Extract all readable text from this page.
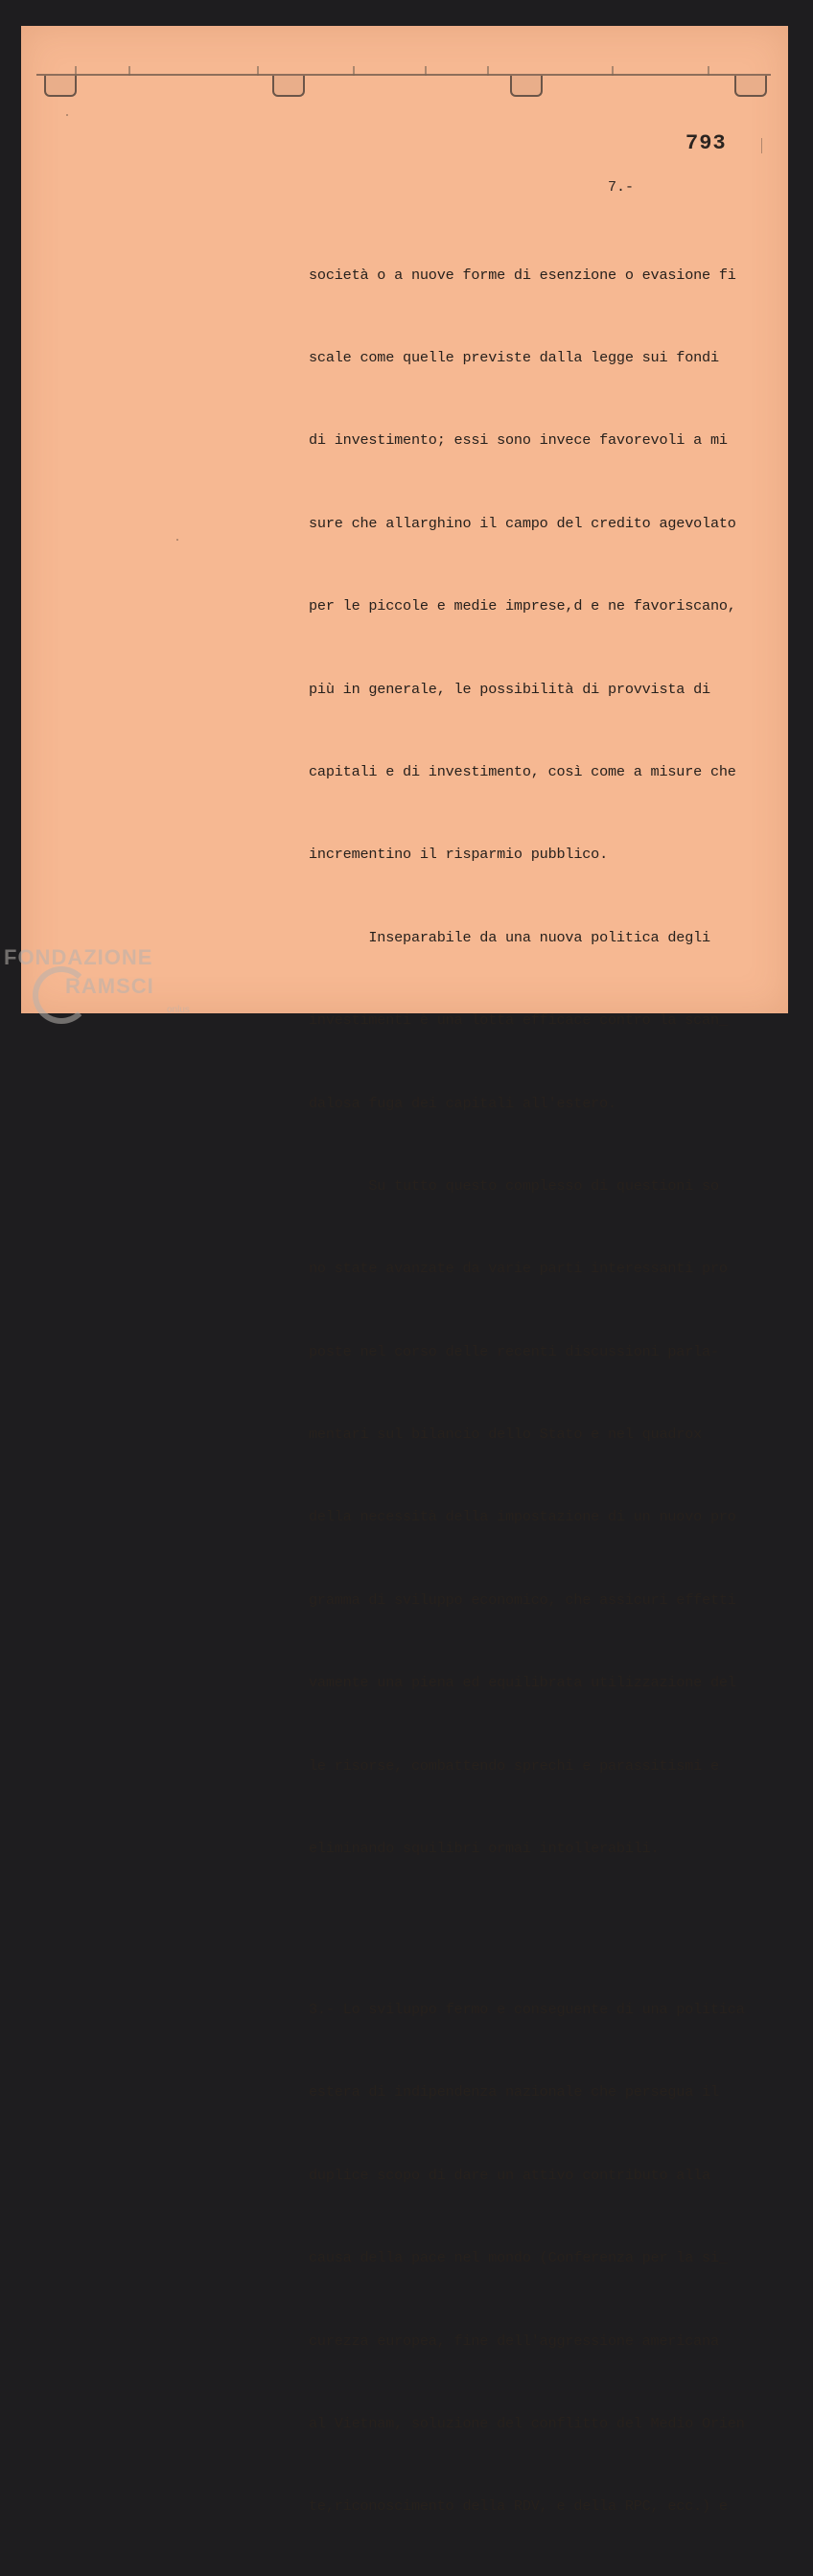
793
7.-

società o a nuove forme di esenzione o evasione fi

scale come quelle previste dalla legge sui fondi

di investimento; essi sono invece favorevoli a mi

sure che allarghino il campo del credito agevolato

per le piccole e medie imprese,d e ne favoriscano,

più in generale, le possibilità di provvista di

capitali e di investimento, così come a misure che

incrementino il risparmio pubblico.

Inseparabile da una nuova politica degli

investimenti è una lotta efficace contro la scan_

dalosa fuga dei capitali all'estero.

Su tutto questo complesso di questioni so

no state avanzate da varie parti interessanti pro

poste nel corso delle recenti discussioni parla-

mentari sul bilancio dello Stato e nel quadrox

della necessità della impostazione di un nuovo pro

gramma di sviluppo economico, che assicuri effetti

vamente una piena ed equilibrata utilizzazione del

le risorse, combattendo sprechi e parassitismi e

eliminando squilibri ormai intollerabili.

3.- Lo sviluppo fermo e conseguente di una politica

estera di indipendenza nazionale che persegua il

duplice scopo di dare un attivo contributo alla

causa della pace nel mondo (Conferenza per la si_

curezza europea, fine dell'aggressione americana

al Vietnam, soluzione del conflitto del Medio Orien

te,riconoscimento della RDV, e della RPC, ecc.) e

FONDAZIONE
RAMSCI
onlus
